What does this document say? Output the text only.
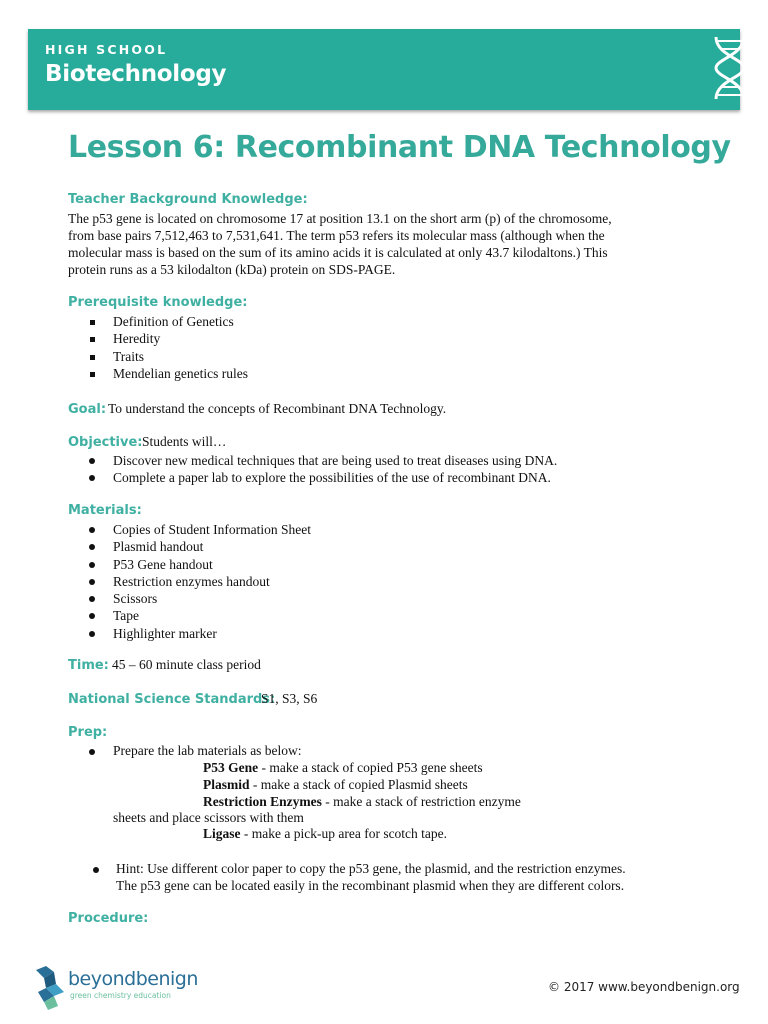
HIGH SCHOOL
Biotechnology
Lesson 6: Recombinant DNA Technology
Teacher Background Knowledge:
The p53 gene is located on chromosome 17 at position 13.1 on the short arm (p) of the chromosome,
from base pairs 7,512,463 to 7,531,641. The term p53 refers its molecular mass (although when the
molecular mass is based on the sum of its amino acids it is calculated at only 43.7 kilodaltons.) This
protein runs as a 53 kilodalton (kDa) protein on SDS-PAGE.
Prerequisite knowledge:
Definition of Genetics
Heredity
Traits
Mendelian genetics rules
Goal: To understand the concepts of Recombinant DNA Technology.
Objective: Students will…
Discover new medical techniques that are being used to treat diseases using DNA.
Complete a paper lab to explore the possibilities of the use of recombinant DNA.
Materials:
Copies of Student Information Sheet
Plasmid handout
P53 Gene handout
Restriction enzymes handout
Scissors
Tape
Highlighter marker
Time: 45 – 60 minute class period
National Science Standards:
S1, S3, S6
Prep:
Prepare the lab materials as below:
P53 Gene - make a stack of copied P53 gene sheets
Plasmid - make a stack of copied Plasmid sheets
Restriction Enzymes - make a stack of restriction enzyme
sheets and place scissors with them
Ligase - make a pick-up area for scotch tape.
Hint: Use different color paper to copy the p53 gene, the plasmid, and the restriction enzymes.
The p53 gene can be located easily in the recombinant plasmid when they are different colors.
Procedure:
beyondbenign
green chemistry education
© 2017 www.beyondbenign.org
